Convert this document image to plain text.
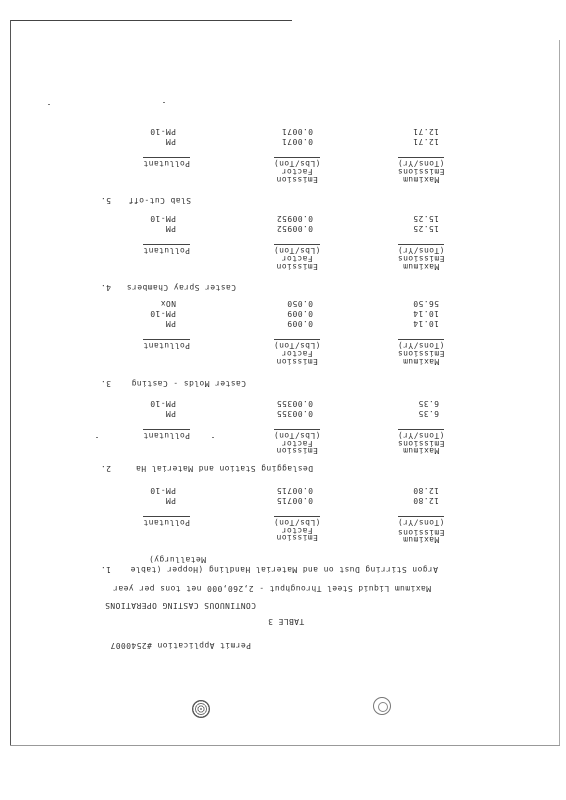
Permit Application #2540007
TABLE 3
CONTINUOUS CASTING OPERATIONS
Maximum Liquid Steel Throughput - 2,260,000 net tons per year
1. Argon Stirring Dust on and Material Handling (Hopper (table
Metallurgy)
Emission	Maximum
Factor	Emissions
Pollutant	(Lbs/Ton)	(Tons/Yr)
PM	0.00715	12.80
PM-10	0.00715	12.80
2.	Deslagging Station and Material Ha
Emission	Maximum
Factor	Emissions
Pollutant	(Lbs/Ton)	(Tons/Yr)
PM	0.00355	6.35
PM-10	0.00355	6.35
3.	Caster Molds - Casting
Emission	Maximum
Factor	Emissions
Pollutant	(Lbs/Ton)	(Tons/Yr)
PM	0.009	10.14
PM-10	0.009	10.14
NOx	0.050	56.50
4. Caster Spray Chambers
Emission	Maximum
Factor	Emissions
Pollutant	(Lbs/Ton)	(Tons/Yr)
PM	0.00952	15.25
PM-10	0.00952	15.25
5. Slab Cut-off
Emission	Maximum
Factor	Emissions
Pollutant	(Lbs/Ton)	(Tons/Yr)
PM	0.0071	12.71
PM-10	0.0071	12.71
